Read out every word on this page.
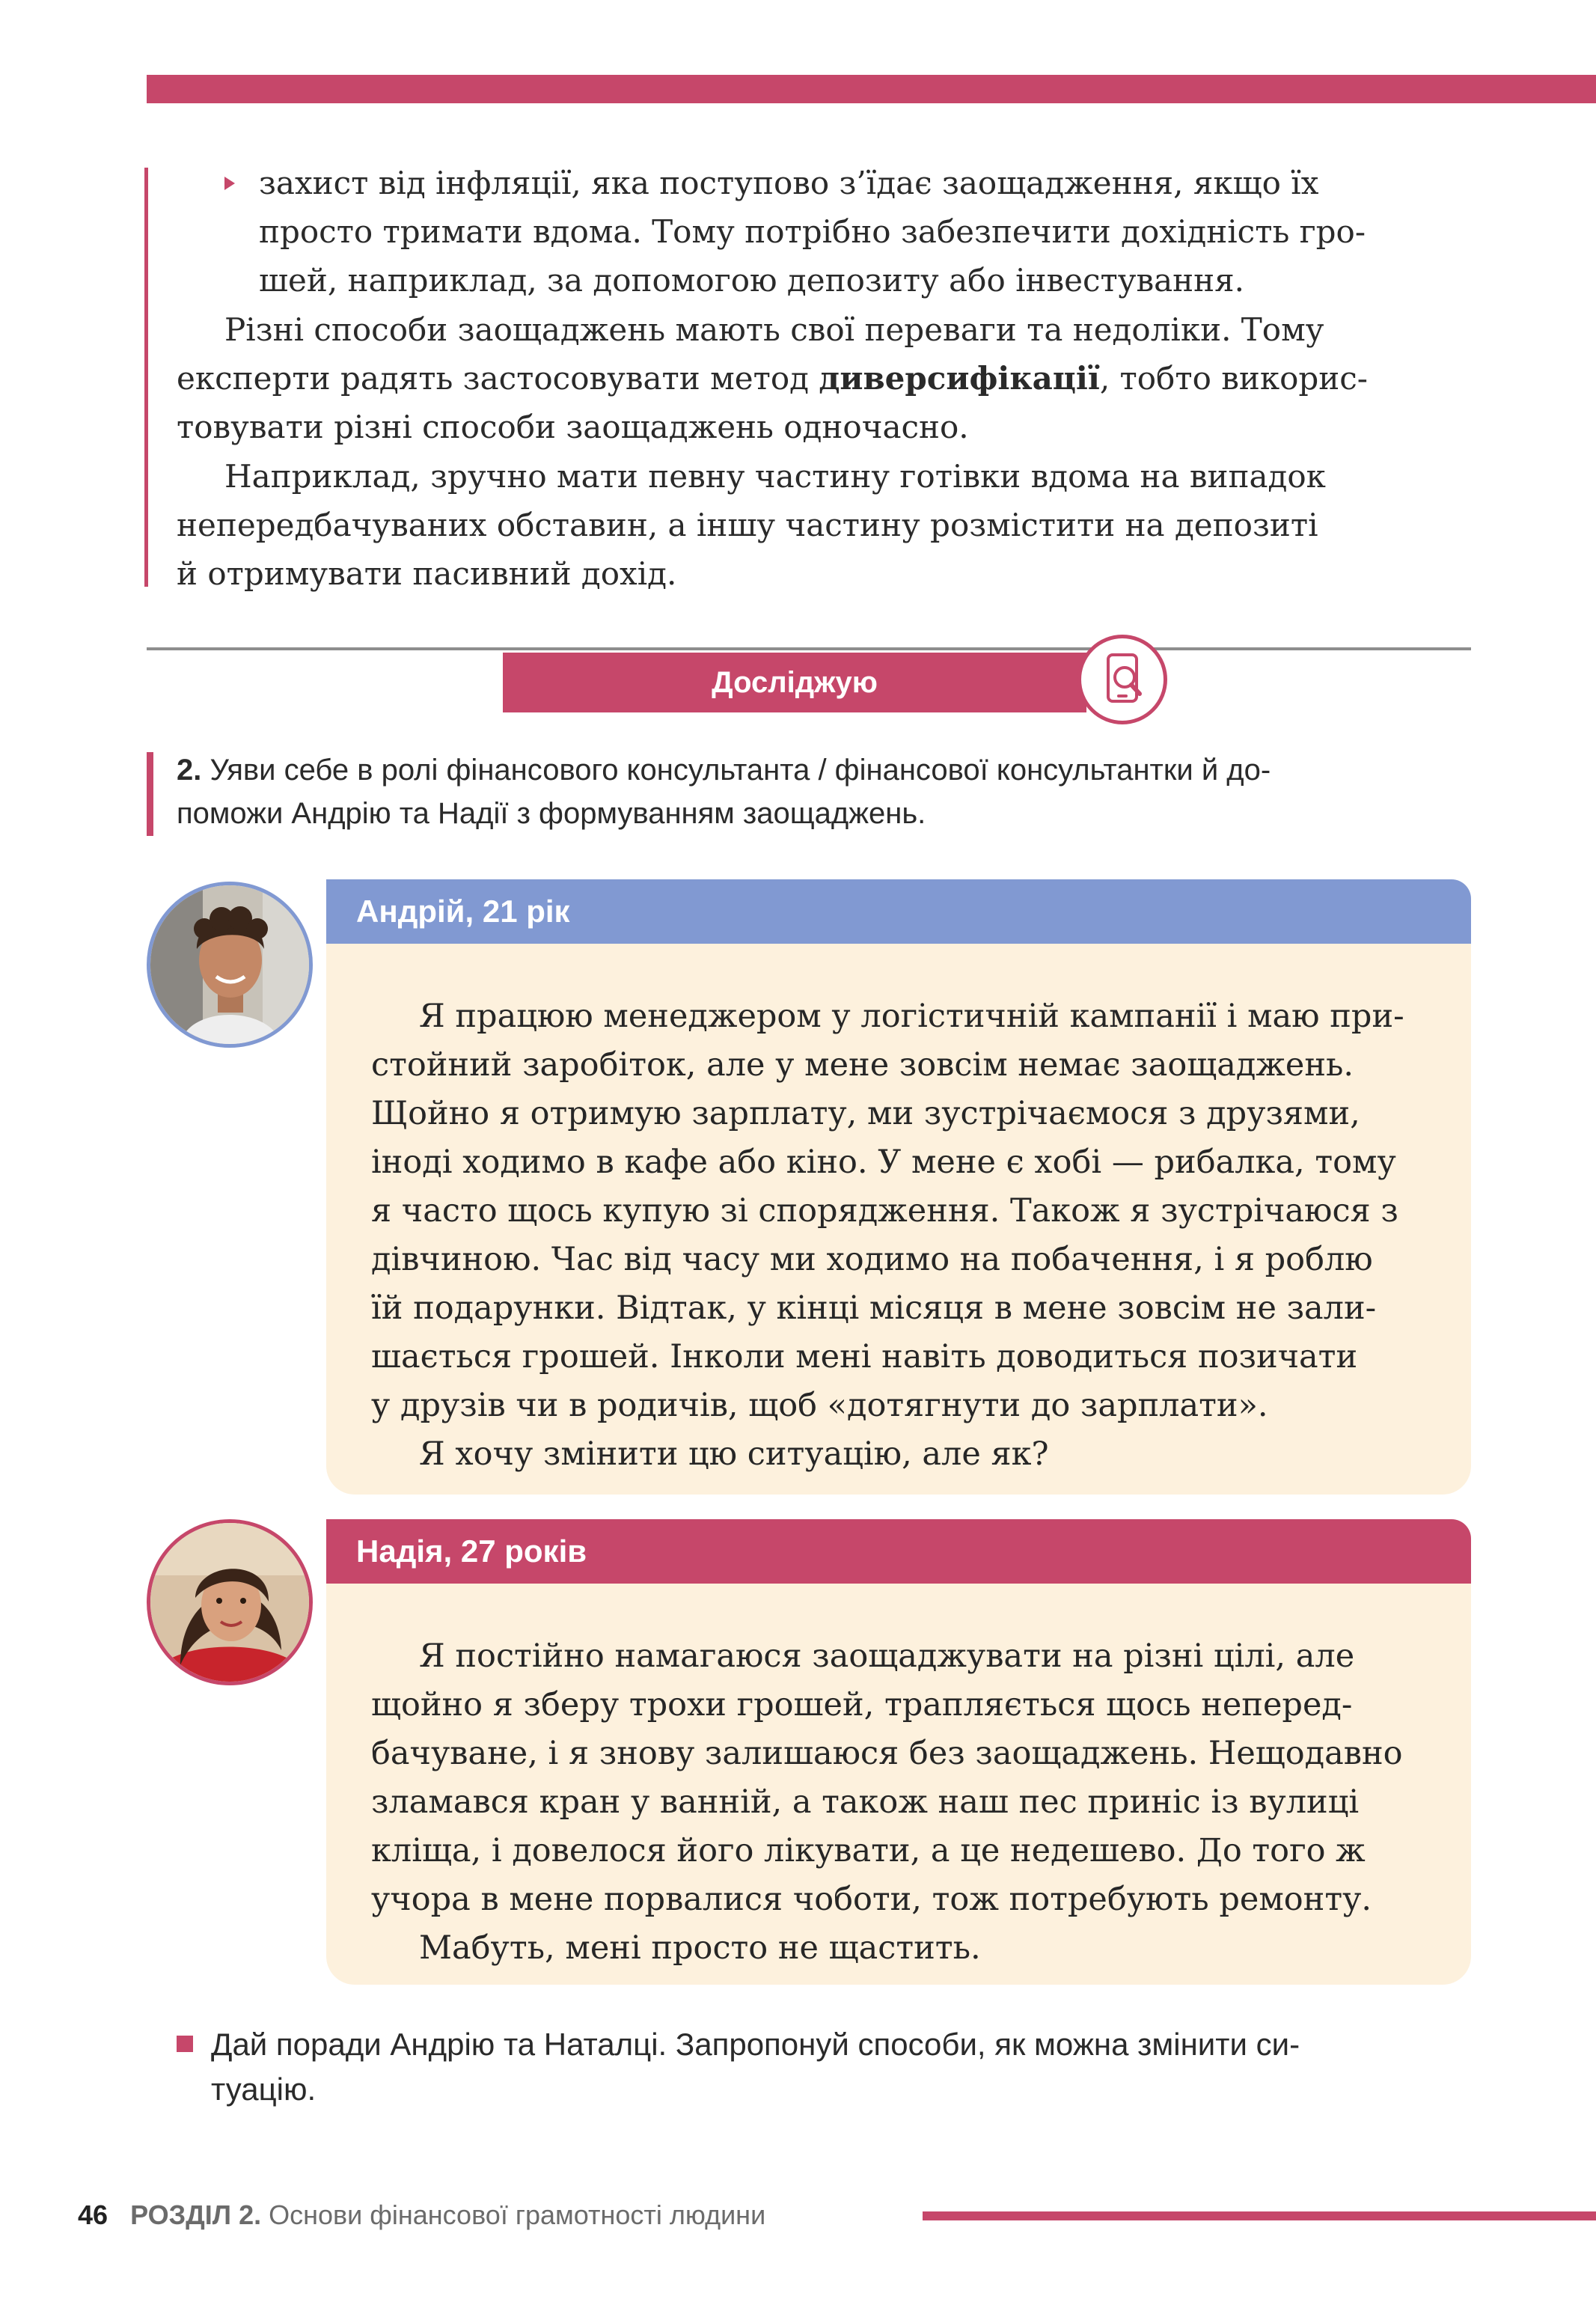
захист від інфляції, яка поступово з’їдає заощадження, якщо їх
просто тримати вдома. Тому потрібно забезпечити дохідність гро-
шей, наприклад, за допомогою депозиту або інвестування.
Різні способи заощаджень мають свої переваги та недоліки. Тому
експерти радять застосовувати метод диверсифікації, тобто викорис-
товувати різні способи заощаджень одночасно.
Наприклад, зручно мати певну частину готівки вдома на випадок
непередбачуваних обставин, а іншу частину розмістити на депозиті
й отримувати пасивний дохід.
Досліджую
2. Уяви себе в ролі фінансового консультанта / фінансової консультантки й до-
поможи Андрію та Надії з формуванням заощаджень.
Андрій, 21 рік
Я працюю менеджером у логістичній кампанії і маю при-
стойний заробіток, але у мене зовсім немає заощаджень.
Щойно я отримую зарплату, ми зустрічаємося з друзями,
іноді ходимо в кафе або кіно. У мене є хобі — рибалка, тому
я часто щось купую зі спорядження. Також я зустрічаюся з
дівчиною. Час від часу ми ходимо на побачення, і я роблю
їй подарунки. Відтак, у кінці місяця в мене зовсім не зали-
шається грошей. Інколи мені навіть доводиться позичати
у друзів чи в родичів, щоб «дотягнути до зарплати».
Я хочу змінити цю ситуацію, але як?
Надія, 27 років
Я постійно намагаюся заощаджувати на різні цілі, але
щойно я зберу трохи грошей, трапляється щось неперед-
бачуване, і я знову залишаюся без заощаджень. Нещодавно
зламався кран у ванній, а також наш пес приніс із вулиці
кліща, і довелося його лікувати, а це недешево. До того ж
учора в мене порвалися чоботи, тож потребують ремонту.
Мабуть, мені просто не щастить.
Дай поради Андрію та Наталці. Запропонуй способи, як можна змінити си-
туацію.
46 РОЗДІЛ 2. Основи фінансової грамотності людини
